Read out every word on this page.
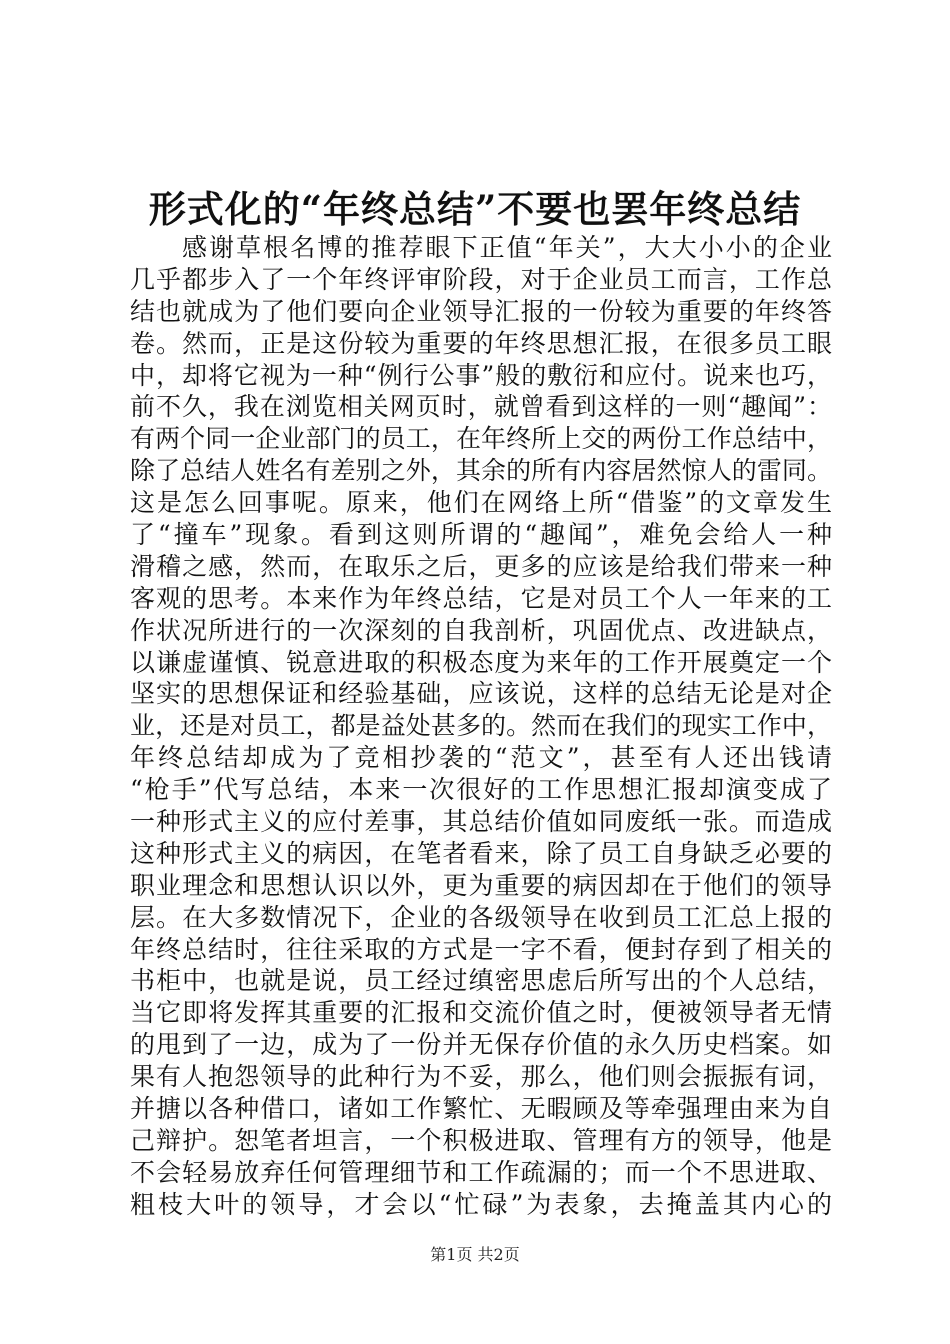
形式化的“年终总结”不要也罢年终总结
感谢草根名博的推荐眼下正值“年关”，大大小小的企业
几乎都步入了一个年终评审阶段，对于企业员工而言，工作总
结也就成为了他们要向企业领导汇报的一份较为重要的年终答
卷。然而，正是这份较为重要的年终思想汇报，在很多员工眼
中，却将它视为一种“例行公事”般的敷衍和应付。说来也巧，
前不久，我在浏览相关网页时，就曾看到这样的一则“趣闻”：
有两个同一企业部门的员工，在年终所上交的两份工作总结中，
除了总结人姓名有差别之外，其余的所有内容居然惊人的雷同。
这是怎么回事呢。原来，他们在网络上所“借鉴”的文章发生
了“撞车”现象。看到这则所谓的“趣闻”，难免会给人一种
滑稽之感，然而，在取乐之后，更多的应该是给我们带来一种
客观的思考。本来作为年终总结，它是对员工个人一年来的工
作状况所进行的一次深刻的自我剖析，巩固优点、改进缺点，
以谦虚谨慎、锐意进取的积极态度为来年的工作开展奠定一个
坚实的思想保证和经验基础，应该说，这样的总结无论是对企
业，还是对员工，都是益处甚多的。然而在我们的现实工作中，
年终总结却成为了竞相抄袭的“范文”，甚至有人还出钱请
“枪手”代写总结，本来一次很好的工作思想汇报却演变成了
一种形式主义的应付差事，其总结价值如同废纸一张。而造成
这种形式主义的病因，在笔者看来，除了员工自身缺乏必要的
职业理念和思想认识以外，更为重要的病因却在于他们的领导
层。在大多数情况下，企业的各级领导在收到员工汇总上报的
年终总结时，往往采取的方式是一字不看，便封存到了相关的
书柜中，也就是说，员工经过缜密思虑后所写出的个人总结，
当它即将发挥其重要的汇报和交流价值之时，便被领导者无情
的甩到了一边，成为了一份并无保存价值的永久历史档案。如
果有人抱怨领导的此种行为不妥，那么，他们则会振振有词，
并搪以各种借口，诸如工作繁忙、无暇顾及等牵强理由来为自
己辩护。恕笔者坦言，一个积极进取、管理有方的领导，他是
不会轻易放弃任何管理细节和工作疏漏的；而一个不思进取、
粗枝大叶的领导，才会以“忙碌”为表象，去掩盖其内心的
第1页 共2页
